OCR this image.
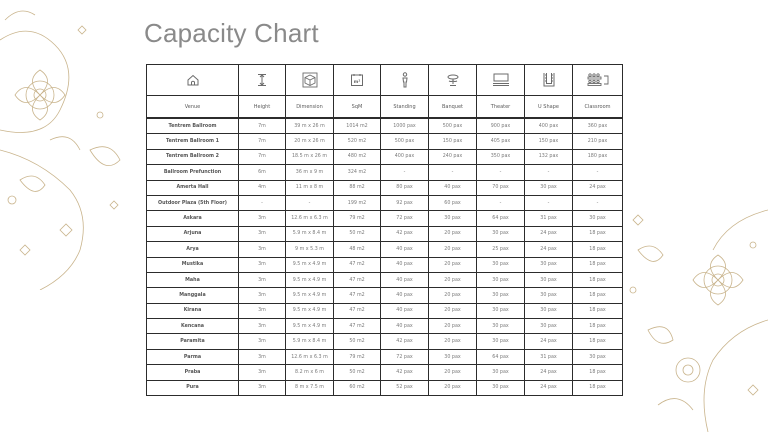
Capacity Chart

m²

Venue	Height	Dimension	SqM	Standing	Banquet	Theater	U Shape	Classroom
Tentrem Ballroom	7m	39 m x 26 m	1014 m2	1000 pax	500 pax	900 pax	400 pax	360 pax
Tentrem Ballroom 1	7m	20 m x 26 m	520 m2	500 pax	150 pax	405 pax	150 pax	210 pax
Tentrem Ballroom 2	7m	18.5 m x 26 m	480 m2	400 pax	240 pax	350 pax	132 pax	180 pax
Ballroom Prefunction	6m	36 m x 9 m	324 m2	-	-	-	-	-
Amerta Hall	4m	11 m x 8 m	88 m2	80 pax	40 pax	70 pax	30 pax	24 pax
Outdoor Plaza (5th Floor)	-	-	199 m2	92 pax	60 pax	-	-	-
Askara	3m	12.6 m x 6.3 m	79 m2	72 pax	30 pax	64 pax	31 pax	30 pax
Arjuna	3m	5.9 m x 8.4 m	50 m2	42 pax	20 pax	30 pax	24 pax	18 pax
Arya	3m	9 m x 5.3 m	48 m2	40 pax	20 pax	25 pax	24 pax	18 pax
Mustika	3m	9.5 m x 4.9 m	47 m2	40 pax	20 pax	30 pax	30 pax	18 pax
Maha	3m	9.5 m x 4.9 m	47 m2	40 pax	20 pax	30 pax	30 pax	18 pax
Manggala	3m	9.5 m x 4.9 m	47 m2	40 pax	20 pax	30 pax	30 pax	18 pax
Kirana	3m	9.5 m x 4.9 m	47 m2	40 pax	20 pax	30 pax	30 pax	18 pax
Kencana	3m	9.5 m x 4.9 m	47 m2	40 pax	20 pax	30 pax	30 pax	18 pax
Paramita	3m	5.9 m x 8.4 m	50 m2	42 pax	20 pax	30 pax	24 pax	18 pax
Parma	3m	12.6 m x 6.3 m	79 m2	72 pax	30 pax	64 pax	31 pax	30 pax
Praba	3m	8.2 m x 6 m	50 m2	42 pax	20 pax	30 pax	24 pax	18 pax
Pura	3m	8 m x 7.5 m	60 m2	52 pax	20 pax	30 pax	24 pax	18 pax
